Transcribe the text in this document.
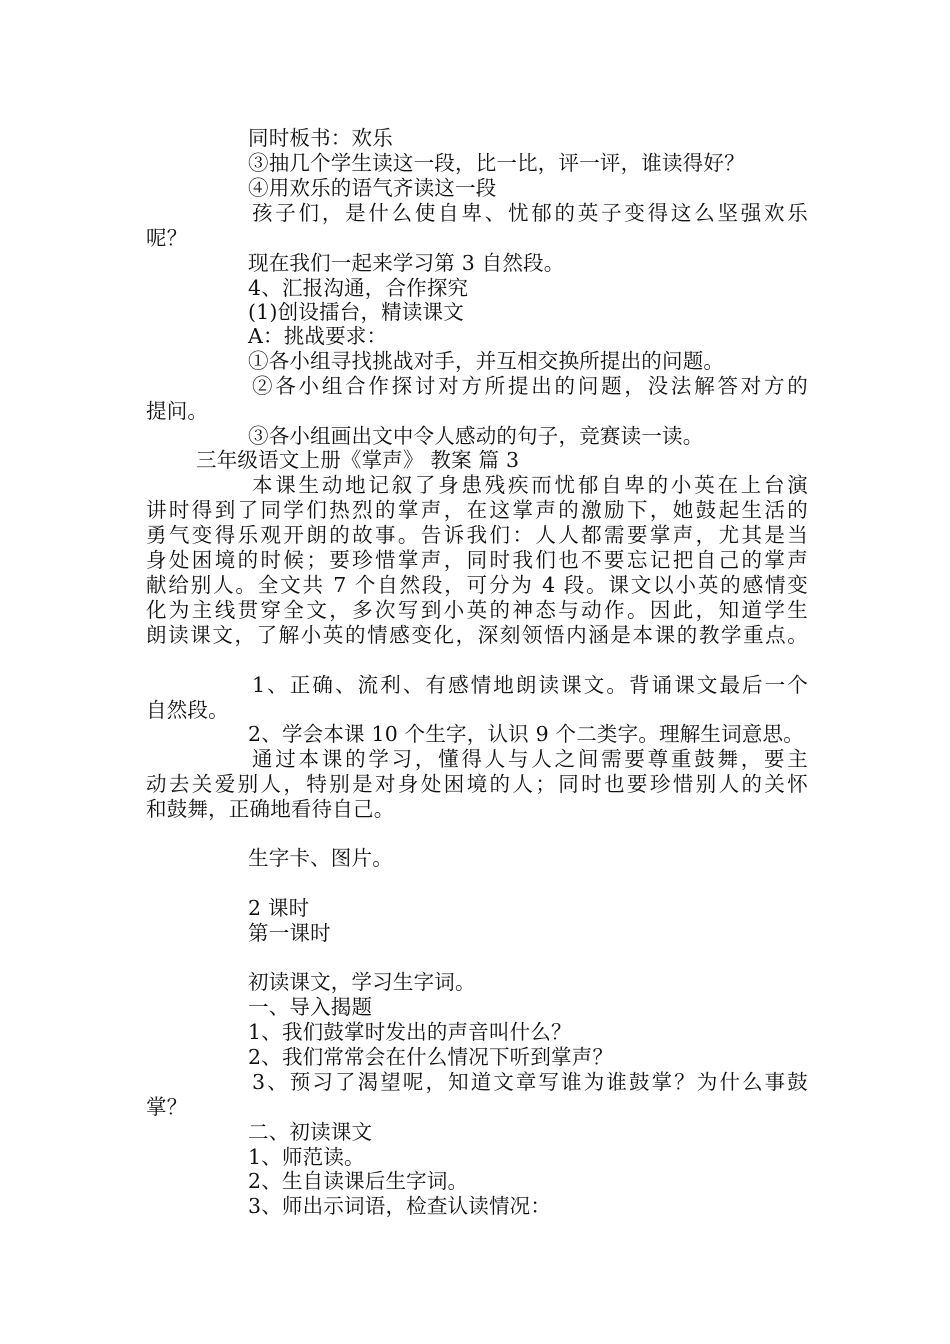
同时板书：欢乐
③抽几个学生读这一段，比一比，评一评，谁读得好？
④用欢乐的语气齐读这一段
孩子们，是什么使自卑、忧郁的英子变得这么坚强欢乐
呢？
现在我们一起来学习第 3 自然段。
4、汇报沟通，合作探究
(1)创设擂台，精读课文
A：挑战要求：
①各小组寻找挑战对手，并互相交换所提出的问题。
②各小组合作探讨对方所提出的问题，没法解答对方的
提问。
③各小组画出文中令人感动的句子，竞赛读一读。
三年级语文上册《掌声》 教案 篇 3
本课生动地记叙了身患残疾而忧郁自卑的小英在上台演
讲时得到了同学们热烈的掌声，在这掌声的激励下，她鼓起生活的
勇气变得乐观开朗的故事。告诉我们：人人都需要掌声，尤其是当
身处困境的时候；要珍惜掌声，同时我们也不要忘记把自己的掌声
献给别人。全文共 7 个自然段，可分为 4 段。课文以小英的感情变
化为主线贯穿全文，多次写到小英的神态与动作。因此，知道学生
朗读课文，了解小英的情感变化，深刻领悟内涵是本课的教学重点。
1、正确、流利、有感情地朗读课文。背诵课文最后一个
自然段。
2、学会本课 10 个生字，认识 9 个二类字。理解生词意思。
通过本课的学习，懂得人与人之间需要尊重鼓舞，要主
动去关爱别人，特别是对身处困境的人；同时也要珍惜别人的关怀
和鼓舞，正确地看待自己。
生字卡、图片。
2 课时
第一课时
初读课文，学习生字词。
一、导入揭题
1、我们鼓掌时发出的声音叫什么？
2、我们常常会在什么情况下听到掌声？
3、预习了渴望呢，知道文章写谁为谁鼓掌？为什么事鼓
掌？
二、初读课文
1、师范读。
2、生自读课后生字词。
3、师出示词语，检查认读情况：
